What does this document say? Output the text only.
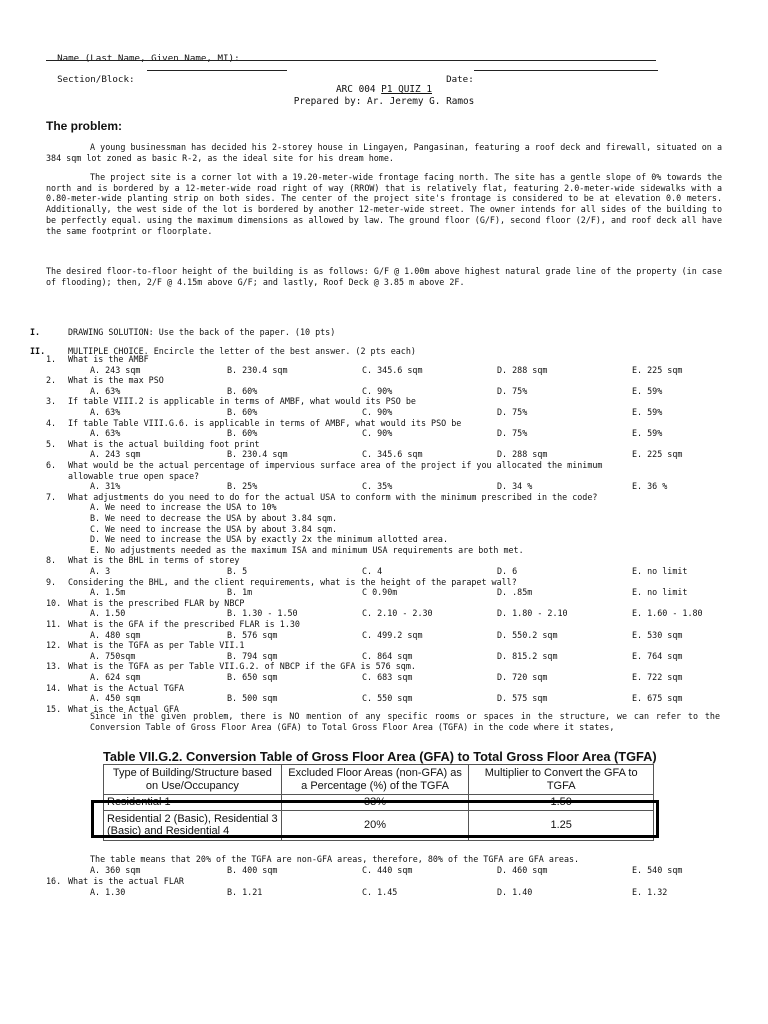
Name (Last Name, Given Name, MI):

Section/Block:	Date:

ARC 004 P1 QUIZ 1
Prepared by: Ar. Jeremy G. Ramos
The problem:
A young businessman has decided his 2-storey house in Lingayen, Pangasinan, featuring a roof deck and firewall, situated on a 384 sqm lot zoned as basic R-2, as the ideal site for his dream home.
The project site is a corner lot with a 19.20-meter-wide frontage facing north. The site has a gentle slope of 0% towards the north and is bordered by a 12-meter-wide road right of way (RROW) that is relatively flat, featuring 2.0-meter-wide sidewalks with a 0.80-meter-wide planting strip on both sides. The center of the project site's frontage is considered to be at elevation 0.0 meters. Additionally, the west side of the lot is bordered by another 12-meter-wide street. The owner intends for all sides of the building to be perfectly equal. using the maximum dimensions as allowed by law. The ground floor (G/F), second floor (2/F), and roof deck all have the same footprint or floorplate.
The desired floor-to-floor height of the building is as follows: G/F @ 1.00m above highest natural grade line of the property (in case of flooding); then, 2/F @ 4.15m above G/F; and lastly, Roof Deck @ 3.85 m above 2F.

I.	DRAWING SOLUTION: Use the back of the paper. (10 pts)

II.	MULTIPLE CHOICE. Encircle the letter of the best answer. (2 pts each)

1. What is the AMBF
A. 243 sqm	B. 230.4 sqm	C. 345.6 sqm	D. 288 sqm	E. 225 sqm
2. What is the max PSO
A. 63%	B. 60%	C. 90%	D. 75%	E. 59%
3. If table VIII.2 is applicable in terms of AMBF, what would its PSO be
A. 63%	B. 60%	C. 90%	D. 75%	E. 59%
4. If table Table VIII.G.6. is applicable in terms of AMBF, what would its PSO be
A. 63%	B. 60%	C. 90%	D. 75%	E. 59%
5. What is the actual building foot print
A. 243 sqm	B. 230.4 sqm	C. 345.6 sqm	D. 288 sqm	E. 225 sqm
6. What would be the actual percentage of impervious surface area of the project if you allocated the minimum
allowable true open space?
A. 31%	B. 25%	C. 35%	D. 34 %	E. 36 %
7. What adjustments do you need to do for the actual USA to conform with the minimum prescribed in the code?
A. We need to increase the USA to 10%
B. We need to decrease the USA by about 3.84 sqm.
C. We need to increase the USA by about 3.84 sqm.
D. We need to increase the USA by exactly 2x the minimum allotted area.
E. No adjustments needed as the maximum ISA and minimum USA requirements are both met.
8. What is the BHL in terms of storey
A. 3	B. 5	C. 4	D. 6	E. no limit
9. Considering the BHL, and the client requirements, what is the height of the parapet wall?
A. 1.5m	B. 1m	C 0.90m	D. .85m	E. no limit
10. What is the prescribed FLAR by NBCP
A. 1.50	B. 1.30 - 1.50	C. 2.10 - 2.30	D. 1.80 - 2.10	E. 1.60 - 1.80
11. What is the GFA if the prescribed FLAR is 1.30
A. 480 sqm	B. 576 sqm	C. 499.2 sqm	D. 550.2 sqm	E. 530 sqm
12. What is the TGFA as per Table VII.1
A. 750sqm	B. 794 sqm	C. 864 sqm	D. 815.2 sqm	E. 764 sqm
13. What is the TGFA as per Table VII.G.2. of NBCP if the GFA is 576 sqm.
A. 624 sqm	B. 650 sqm	C. 683 sqm	D. 720 sqm	E. 722 sqm
14. What is the Actual TGFA
A. 450 sqm	B. 500 sqm	C. 550 sqm	D. 575 sqm	E. 675 sqm
15. What is the Actual GFA
A. 360 sqm	B. 400 sqm	C. 440 sqm	D. 460 sqm	E. 540 sqm
16. What is the actual FLAR
A. 1.30	B. 1.21	C. 1.45	D. 1.40	E. 1.32
Since in the given problem, there is NO mention of any specific rooms or spaces in the structure, we can refer to the Conversion Table of Gross Floor Area (GFA) to Total Gross Floor Area (TGFA) in the code where it states,
Table VII.G.2. Conversion Table of Gross Floor Area (GFA) to Total Gross Floor Area (TGFA)
Type of Building/Structure based on Use/Occupancy	Excluded Floor Areas (non-GFA) as a Percentage (%) of the TGFA	Multiplier to Convert the GFA to TGFA
Residential 1	33%	1.50
Residential 2 (Basic), Residential 3 (Basic) and Residential 4	20%	1.25
The table means that 20% of the TGFA are non-GFA areas, therefore, 80% of the TGFA are GFA areas.
